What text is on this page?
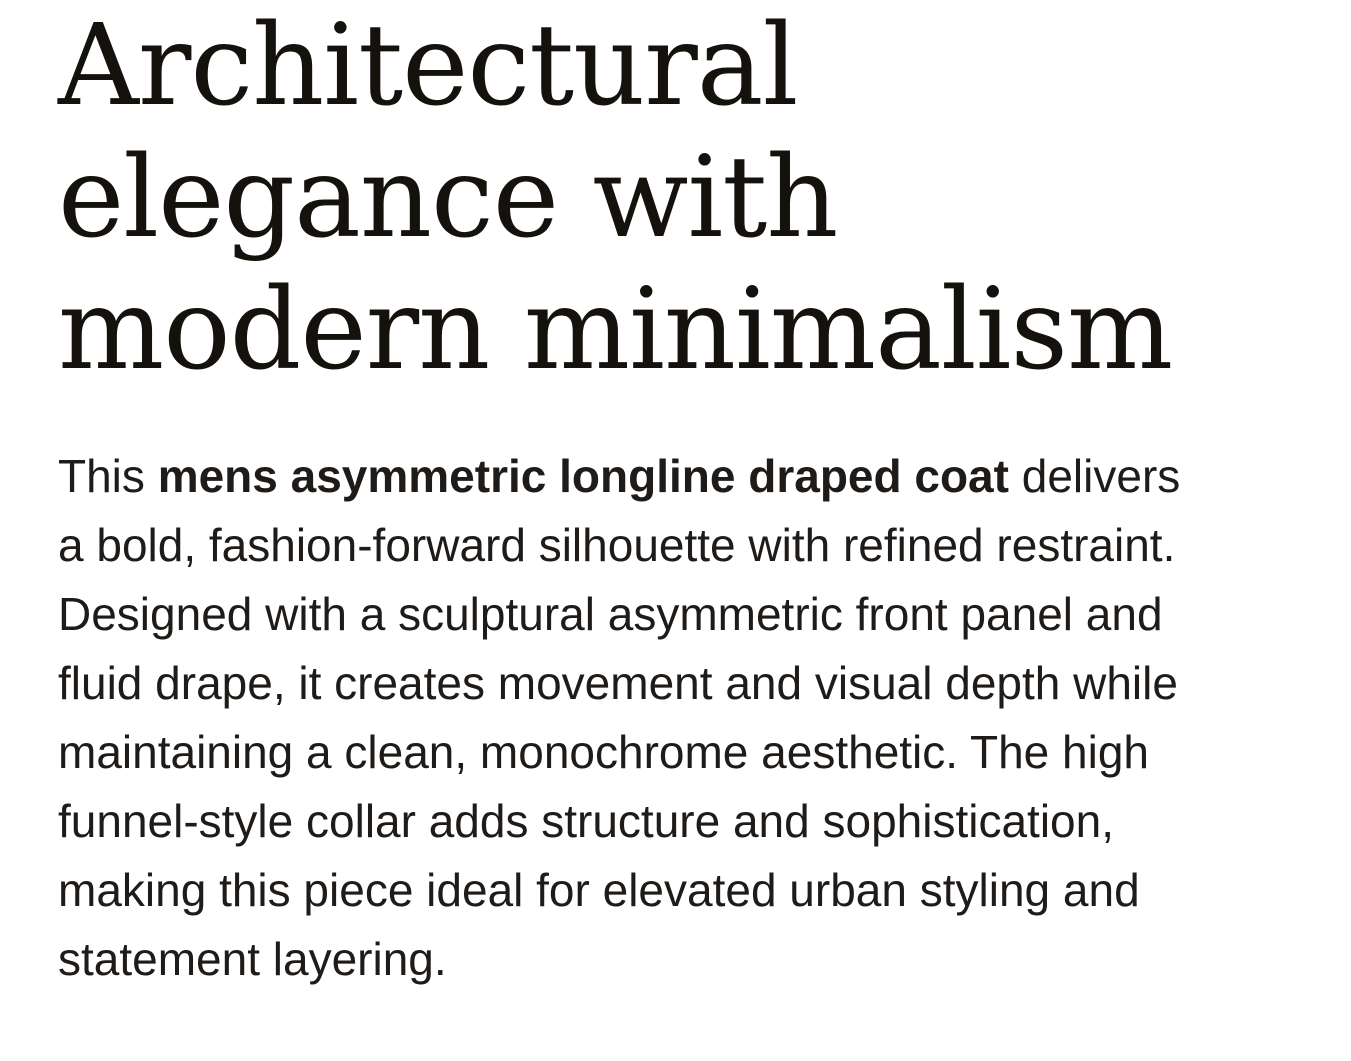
Architectural
elegance with
modern minimalism

This mens asymmetric longline draped coat delivers a bold, fashion-forward silhouette with refined restraint. Designed with a sculptural asymmetric front panel and fluid drape, it creates movement and visual depth while maintaining a clean, monochrome aesthetic. The high funnel-style collar adds structure and sophistication, making this piece ideal for elevated urban styling and statement layering.
